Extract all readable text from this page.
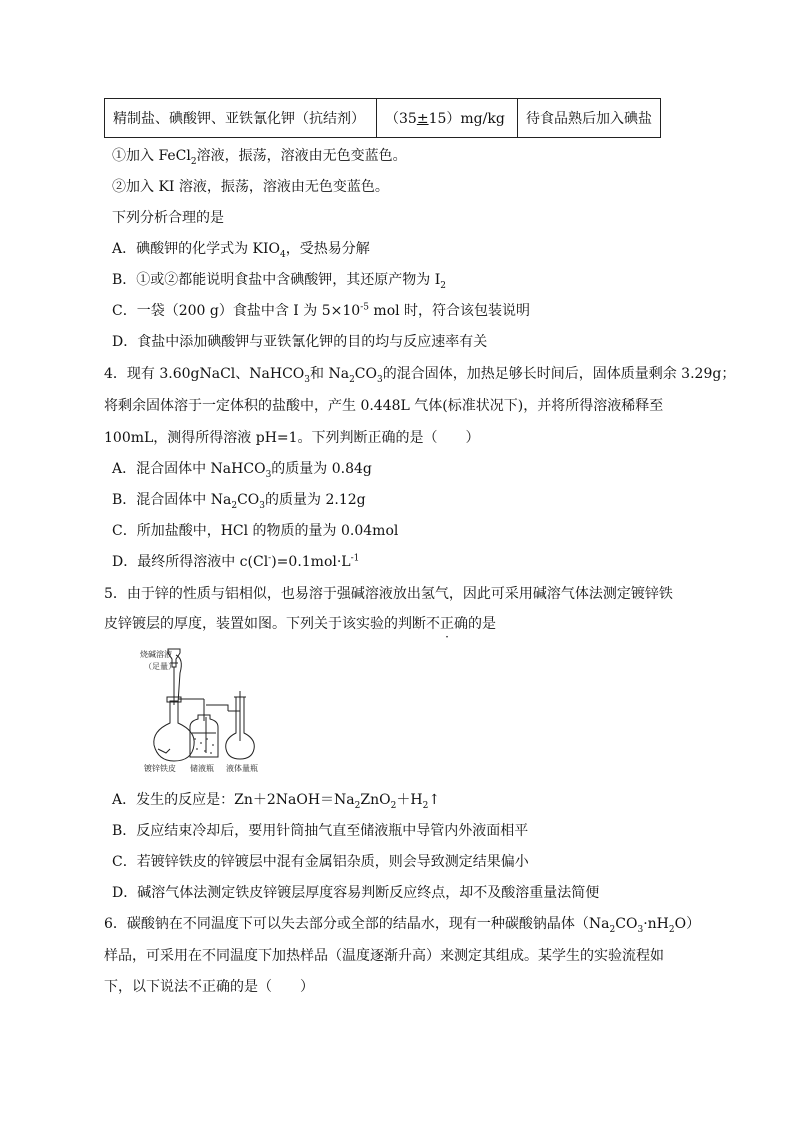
精制盐、碘酸钾、亚铁氰化钾（抗结剂）	（35±15）mg/kg	待食品熟后加入碘盐
①加入 FeCl$_2$溶液，振荡，溶液由无色变蓝色。
②加入 KI 溶液，振荡，溶液由无色变蓝色。
下列分析合理的是
A．碘酸钾的化学式为 $KIO_4$，受热易分解
B．①或②都能说明食盐中含碘酸钾，其还原产物为 $I_2$
C．一袋（200 g）食盐中含 I 为 $5\times 10^{-5}$ mol 时，符合该包装说明
D．食盐中添加碘酸钾与亚铁氰化钾的目的均与反应速率有关
4．现有 3.60gNaCl、NaHCO$_3$和 $Na_2CO_3$的混合固体，加热足够长时间后，固体质量剩余 3.29g；
将剩余固体溶于一定体积的盐酸中，产生 0.448L 气体(标准状况下)，并将所得溶液稀释至
100mL，测得所得溶液 pH=1。下列判断正确的是（　　）
A．混合固体中 NaHCO$_3$的质量为 0.84g
B．混合固体中 $Na_2CO_3$的质量为 2.12g
C．所加盐酸中，HCl 的物质的量为 0.04mol
D．最终所得溶液中 $c(Cl^-)=0.1mol\cdot L^{-1}$
5．由于锌的性质与铝相似，也易溶于强碱溶液放出氢气，因此可采用碱溶气体法测定镀锌铁
皮锌镀层的厚度，装置如图。下列关于该实验的判断不正确的是
烧碱溶液
（足量）
镀锌铁皮 储液瓶 液体量瓶
A．发生的反应是：$Zn+2NaOH=Na_2ZnO_2+H_2↑$
B．反应结束冷却后，要用针筒抽气直至储液瓶中导管内外液面相平
C．若镀锌铁皮的锌镀层中混有金属铝杂质，则会导致测定结果偏小
D．碱溶气体法测定铁皮锌镀层厚度容易判断反应终点，却不及酸溶重量法简便
6．碳酸钠在不同温度下可以失去部分或全部的结晶水，现有一种碳酸钠晶体$(Na_2CO_3\cdot nH_2O)$
样品，可采用在不同温度下加热样品（温度逐渐升高）来测定其组成。某学生的实验流程如
下，以下说法不正确的是（　　）
